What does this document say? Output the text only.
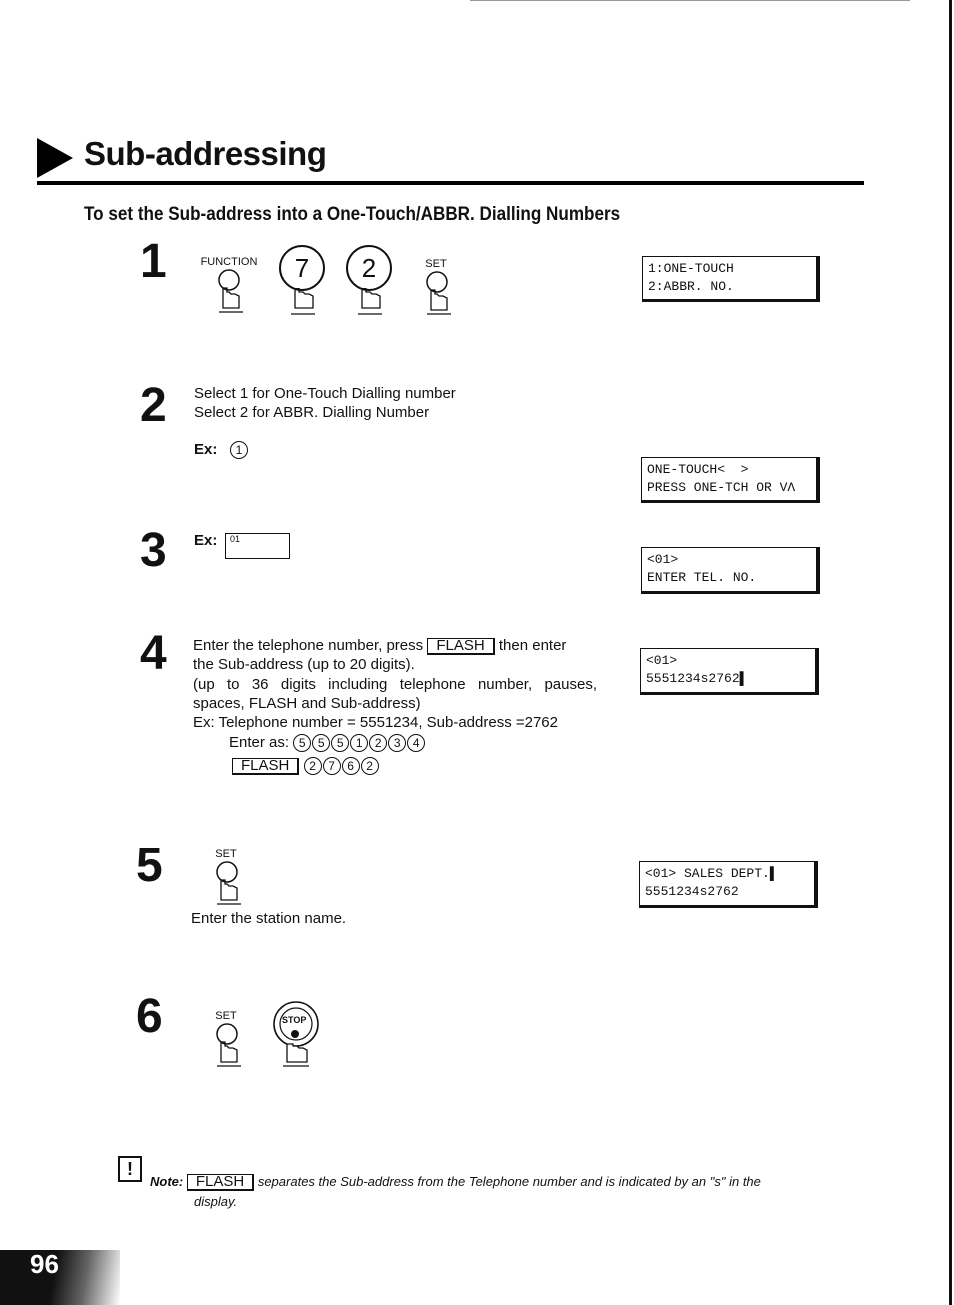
Sub-addressing
To set the Sub-address into a One-Touch/ABBR. Dialling Numbers
1	FUNCTION	7	2	SET	1:ONE-TOUCH
2:ABBR. NO.
2 Select 1 for One-Touch Dialling number
Select 2 for ABBR. Dialling Number
Ex:	1
ONE-TOUCH<  >
PRESS ONE-TCH OR VΛ
3 Ex:	01
<01>
ENTER TEL. NO.
4 Enter the telephone number, press FLASH then enter
the Sub-address (up to 20 digits).
(up to 36 digits including telephone number, pauses,
spaces, FLASH and Sub-address)
Ex: Telephone number = 5551234, Sub-address =2762
Enter as: 5 5 5 1 2 3 4
FLASH 2 7 6 2
<01>
5551234s2762▌
5	SET
Enter the station name.
<01> SALES DEPT.▌
5551234s2762
6	SET	STOP
!
Note: FLASH separates the Sub-address from the Telephone number and is indicated by an "s" in the
display.
96
